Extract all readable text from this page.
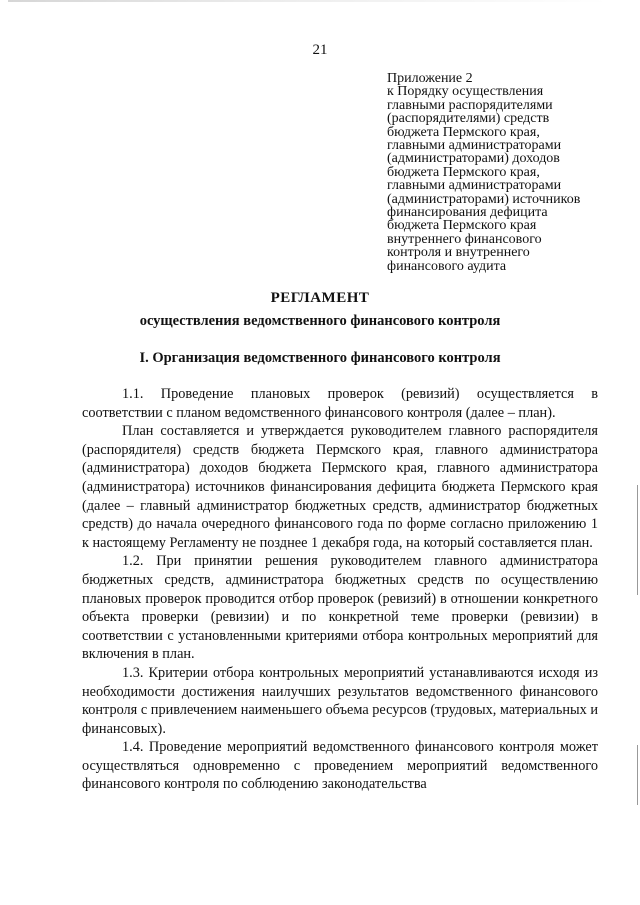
21
Приложение 2
к Порядку осуществления
главными распорядителями
(распорядителями) средств
бюджета Пермского края,
главными администраторами
(администраторами) доходов
бюджета Пермского края,
главными администраторами
(администраторами) источников
финансирования дефицита
бюджета Пермского края
внутреннего финансового
контроля и внутреннего
финансового аудита
РЕГЛАМЕНТ
осуществления ведомственного финансового контроля
I. Организация ведомственного финансового контроля

1.1. Проведение плановых проверок (ревизий) осуществляется в соответствии с планом ведомственного финансового контроля (далее – план).

План составляется и утверждается руководителем главного распорядителя (распорядителя) средств бюджета Пермского края, главного администратора (администратора) доходов бюджета Пермского края, главного администратора (администратора) источников финансирования дефицита бюджета Пермского края (далее – главный администратор бюджетных средств, администратор бюджетных средств) до начала очередного финансового года по форме согласно приложению 1 к настоящему Регламенту не позднее 1 декабря года, на который составляется план.

1.2. При принятии решения руководителем главного администратора бюджетных средств, администратора бюджетных средств по осуществлению плановых проверок проводится отбор проверок (ревизий) в отношении конкретного объекта проверки (ревизии) и по конкретной теме проверки (ревизии) в соответствии с установленными критериями отбора контрольных мероприятий для включения в план.

1.3. Критерии отбора контрольных мероприятий устанавливаются исходя из необходимости достижения наилучших результатов ведомственного финансового контроля с привлечением наименьшего объема ресурсов (трудовых, материальных и финансовых).

1.4. Проведение мероприятий ведомственного финансового контроля может осуществляться одновременно с проведением мероприятий ведомственного финансового контроля по соблюдению законодательства
